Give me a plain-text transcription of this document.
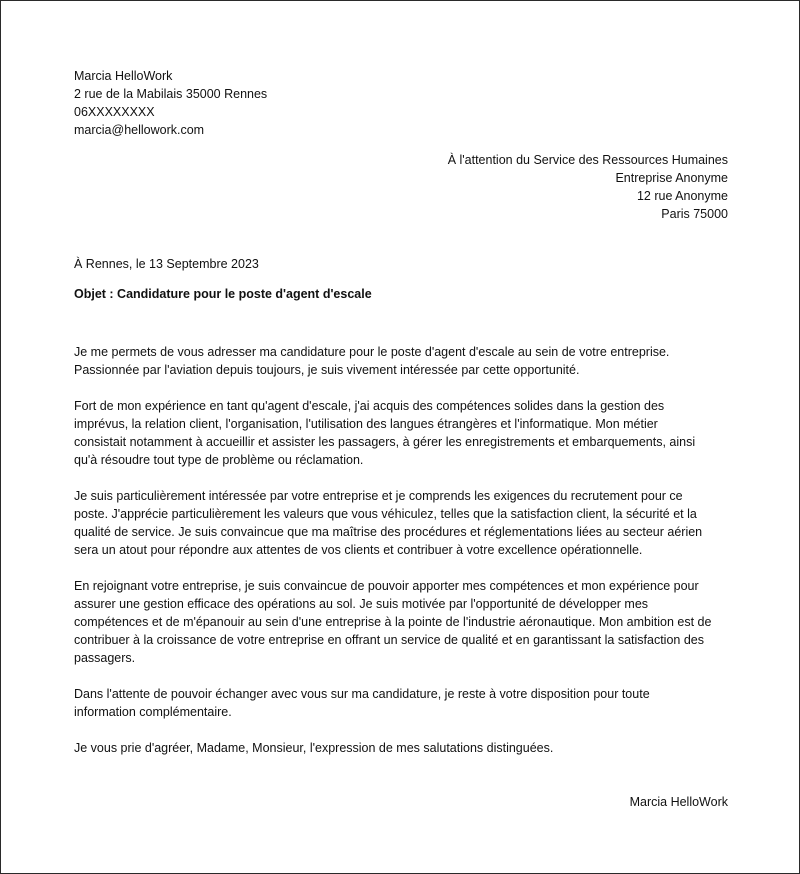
Marcia HelloWork
2 rue de la Mabilais 35000 Rennes
06XXXXXXXX
marcia@hellowork.com
À l'attention du Service des Ressources Humaines
Entreprise Anonyme
12 rue Anonyme
Paris 75000
À Rennes, le 13 Septembre 2023
Objet : Candidature pour le poste d'agent d'escale
Je me permets de vous adresser ma candidature pour le poste d'agent d'escale au sein de votre entreprise.
Passionnée par l'aviation depuis toujours, je suis vivement intéressée par cette opportunité.
Fort de mon expérience en tant qu'agent d'escale, j'ai acquis des compétences solides dans la gestion des
imprévus, la relation client, l'organisation, l'utilisation des langues étrangères et l'informatique. Mon métier
consistait notamment à accueillir et assister les passagers, à gérer les enregistrements et embarquements, ainsi
qu'à résoudre tout type de problème ou réclamation.
Je suis particulièrement intéressée par votre entreprise et je comprends les exigences du recrutement pour ce
poste. J'apprécie particulièrement les valeurs que vous véhiculez, telles que la satisfaction client, la sécurité et la
qualité de service. Je suis convaincue que ma maîtrise des procédures et réglementations liées au secteur aérien
sera un atout pour répondre aux attentes de vos clients et contribuer à votre excellence opérationnelle.
En rejoignant votre entreprise, je suis convaincue de pouvoir apporter mes compétences et mon expérience pour
assurer une gestion efficace des opérations au sol. Je suis motivée par l'opportunité de développer mes
compétences et de m'épanouir au sein d'une entreprise à la pointe de l'industrie aéronautique. Mon ambition est de
contribuer à la croissance de votre entreprise en offrant un service de qualité et en garantissant la satisfaction des
passagers.
Dans l'attente de pouvoir échanger avec vous sur ma candidature, je reste à votre disposition pour toute
information complémentaire.
Je vous prie d'agréer, Madame, Monsieur, l'expression de mes salutations distinguées.
Marcia HelloWork
